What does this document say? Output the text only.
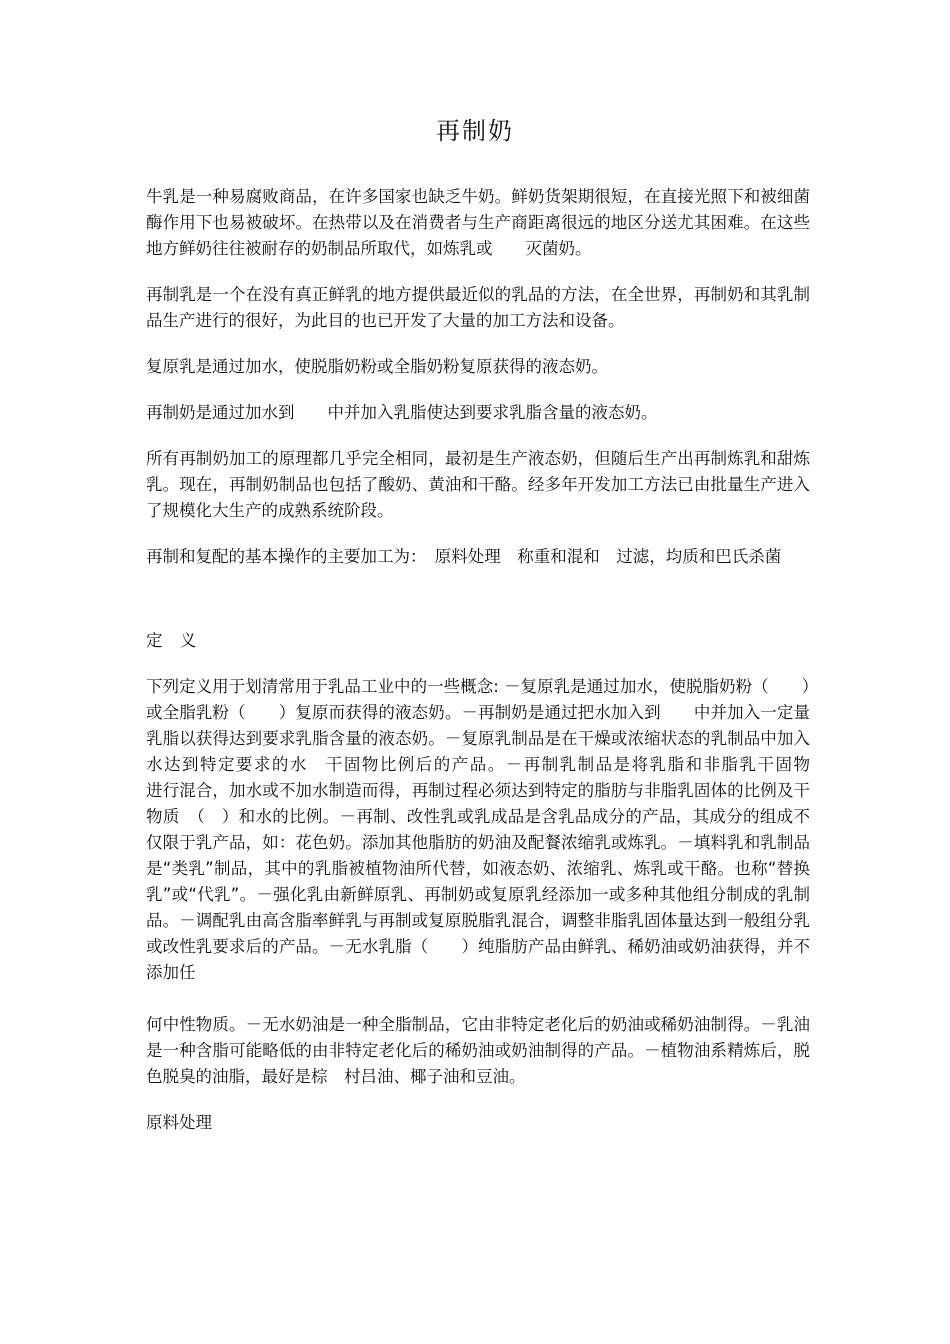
再制奶

牛乳是一种易腐败商品，在许多国家也缺乏牛奶。鲜奶货架期很短，在直接光照下和被细菌酶作用下也易被破坏。在热带以及在消费者与生产商距离很远的地区分送尤其困难。在这些地方鲜奶往往被耐存的奶制品所取代，如炼乳或　　灭菌奶。

再制乳是一个在没有真正鲜乳的地方提供最近似的乳品的方法，在全世界，再制奶和其乳制品生产进行的很好，为此目的也已开发了大量的加工方法和设备。

复原乳是通过加水，使脱脂奶粉或全脂奶粉复原获得的液态奶。

再制奶是通过加水到　　中并加入乳脂使达到要求乳脂含量的液态奶。

所有再制奶加工的原理都几乎完全相同，最初是生产液态奶，但随后生产出再制炼乳和甜炼乳。现在，再制奶制品也包括了酸奶、黄油和干酪。经多年开发加工方法已由批量生产进入了规模化大生产的成熟系统阶段。

再制和复配的基本操作的主要加工为：　原料处理　称重和混和　过滤，均质和巴氏杀菌

定 义

下列定义用于划清常用于乳品工业中的一些概念: －复原乳是通过加水，使脱脂奶粉（　　）或全脂乳粉（　　）复原而获得的液态奶。－再制奶是通过把水加入到　　中并加入一定量乳脂以获得达到要求乳脂含量的液态奶。－复原乳制品是在干燥或浓缩状态的乳制品中加入水达到特定要求的水　干固物比例后的产品。－再制乳制品是将乳脂和非脂乳干固物　　　进行混合，加水或不加水制造而得，再制过程必须达到特定的脂肪与非脂乳固体的比例及干物质　（　）和水的比例。－再制、改性乳或乳成品是含乳品成分的产品，其成分的组成不仅限于乳产品，如：花色奶。添加其他脂肪的奶油及配餐浓缩乳或炼乳。－填料乳和乳制品是“类乳”制品，其中的乳脂被植物油所代替，如液态奶、浓缩乳、炼乳或干酪。也称“替换乳”或“代乳”。－强化乳由新鲜原乳、再制奶或复原乳经添加一或多种其他组分制成的乳制品。－调配乳由高含脂率鲜乳与再制或复原脱脂乳混合，调整非脂乳固体量达到一般组分乳或改性乳要求后的产品。－无水乳脂（　　）纯脂肪产品由鲜乳、稀奶油或奶油获得，并不添加任

何中性物质。－无水奶油是一种全脂制品，它由非特定老化后的奶油或稀奶油制得。－乳油是一种含脂可能略低的由非特定老化后的稀奶油或奶油制得的产品。－植物油系精炼后，脱色脱臭的油脂，最好是棕　村吕油、椰子油和豆油。

原料处理
